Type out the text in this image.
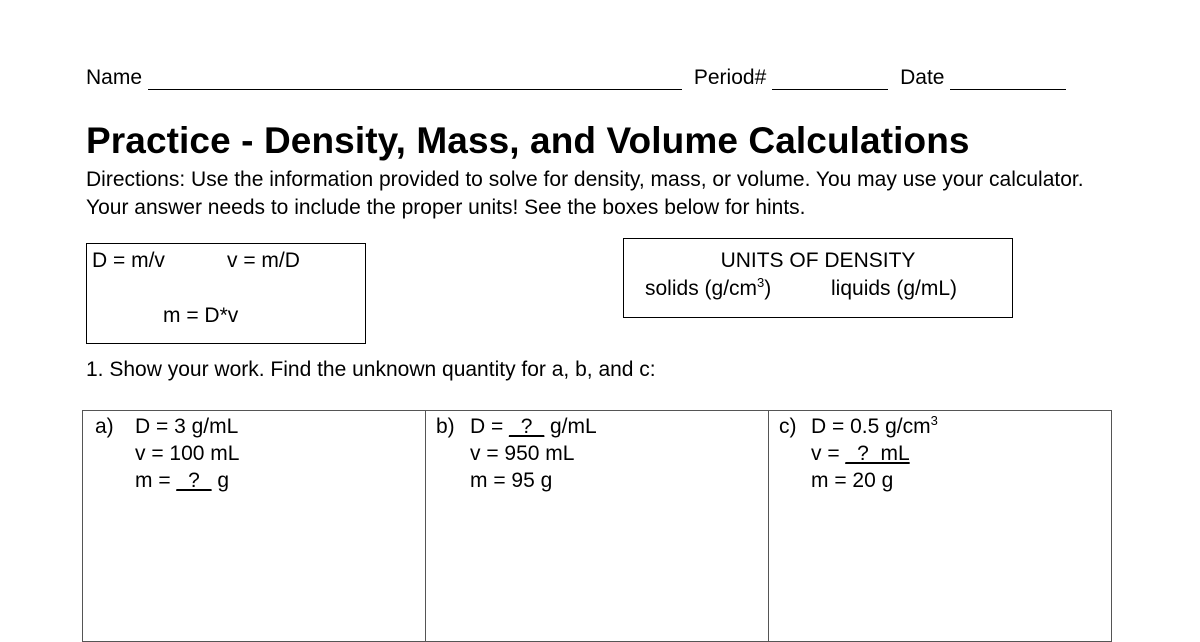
Name	Period#	Date
Practice - Density, Mass, and Volume Calculations
Directions: Use the information provided to solve for density, mass, or volume. You may use your calculator. Your answer needs to include the proper units! See the boxes below for hints.
D = m/v	v = m/D
m = D*v
UNITS OF DENSITY
solids $(g/cm^3)$	liquids (g/mL)
1. Show your work. Find the unknown quantity for a, b, and c:
a) D = 3 g/mL
v = 100 mL
m = _?_ g
b) D = _?_ g/mL
v = 950 mL
m = 95 g
c) D = 0.5 $g/cm^3$
v = _?_mL
m = 20 g
